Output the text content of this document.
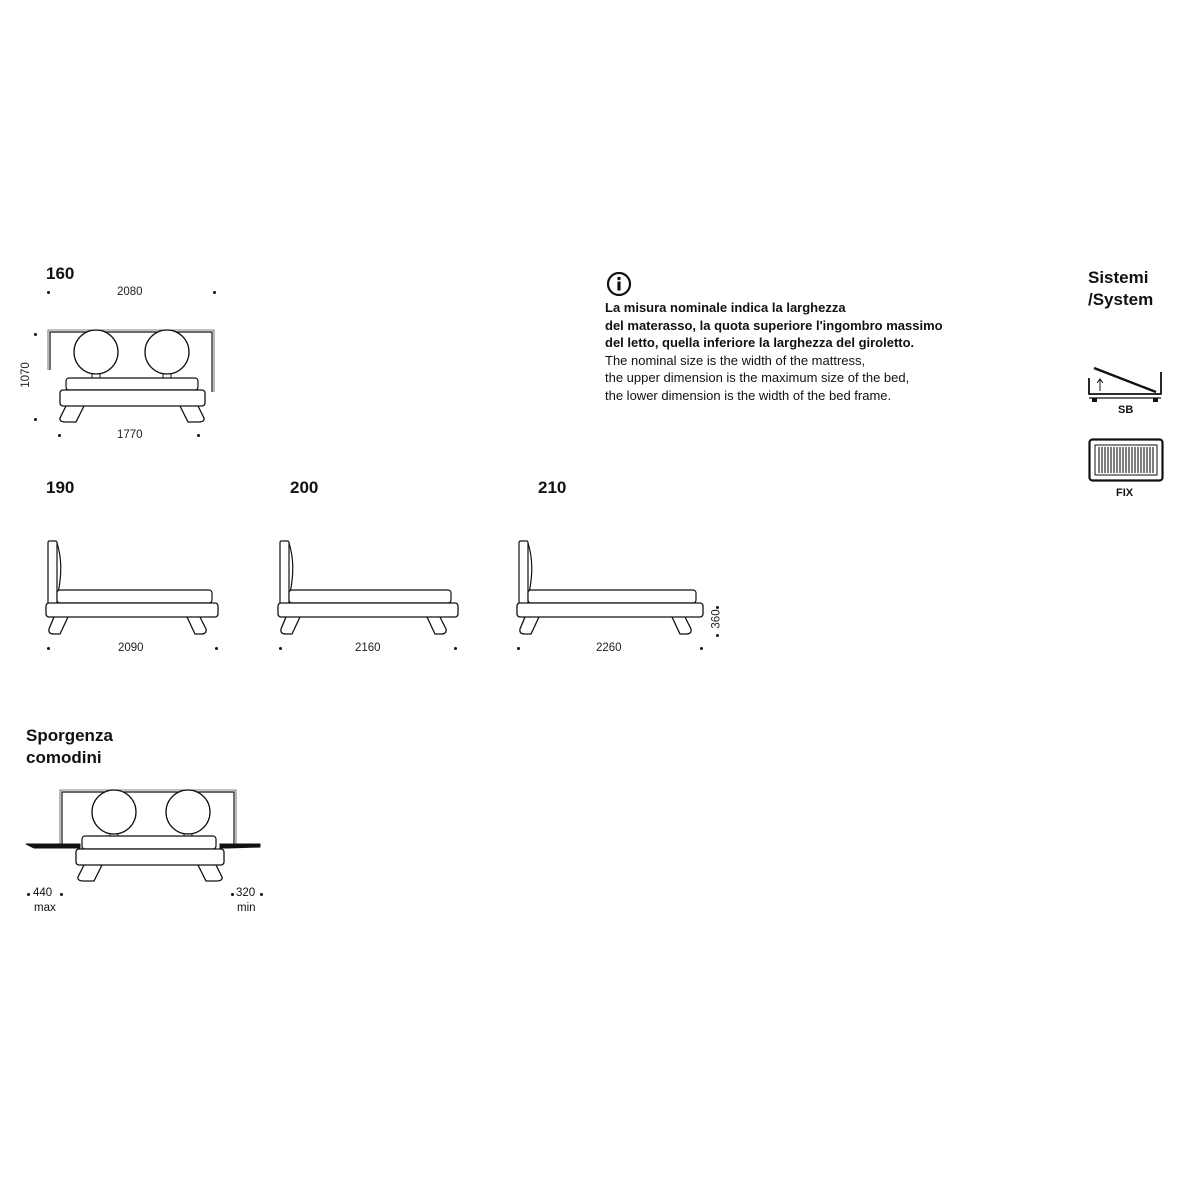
160
2080
1070
1770
La misura nominale indica la larghezza
del materasso, la quota superiore l'ingombro massimo
del letto, quella inferiore la larghezza del giroletto.
The nominal size is the width of the mattress,
the upper dimension is the maximum size of the bed,
the lower dimension is the width of the bed frame.
Sistemi
/System
SB
FIX
190
2090
200
2160
210
2260
360
Sporgenza
comodini
440
max
320
min
